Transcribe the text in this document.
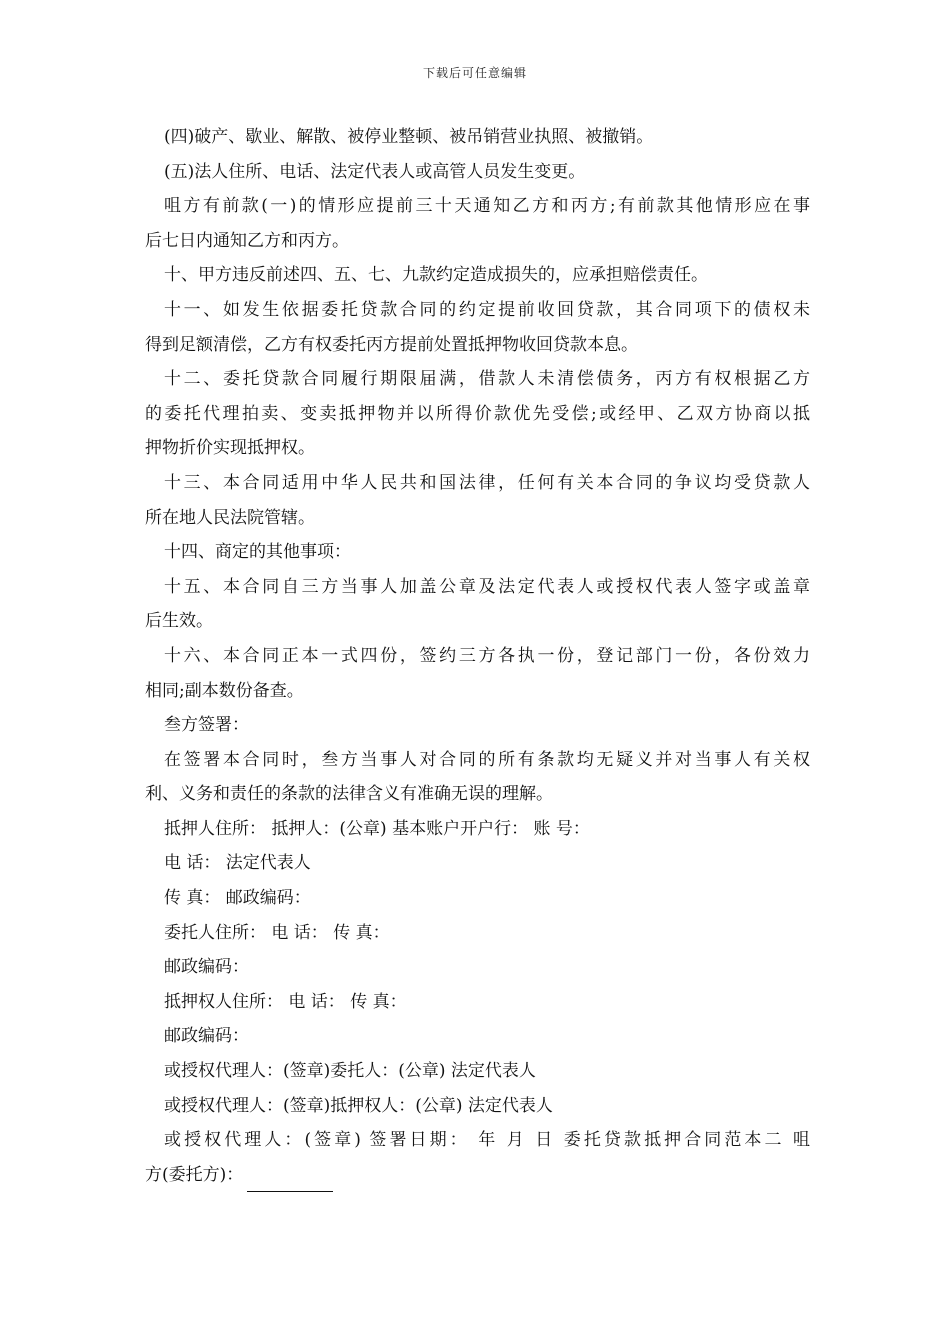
下载后可任意编辑
(四)破产、歇业、解散、被停业整顿、被吊销营业执照、被撤销。
(五)法人住所、电话、法定代表人或高管人员发生变更。
咀方有前款(一)的情形应提前三十天通知乙方和丙方;有前款其他情形应在事
后七日内通知乙方和丙方。
十、甲方违反前述四、五、七、九款约定造成损失的，应承担赔偿责任。
十一、如发生依据委托贷款合同的约定提前收回贷款，其合同项下的债权未
得到足额清偿，乙方有权委托丙方提前处置抵押物收回贷款本息。
十二、委托贷款合同履行期限届满，借款人未清偿债务，丙方有权根据乙方
的委托代理拍卖、变卖抵押物并以所得价款优先受偿;或经甲、乙双方协商以抵
押物折价实现抵押权。
十三、本合同适用中华人民共和国法律，任何有关本合同的争议均受贷款人
所在地人民法院管辖。
十四、商定的其他事项：
十五、本合同自三方当事人加盖公章及法定代表人或授权代表人签字或盖章
后生效。
十六、本合同正本一式四份，签约三方各执一份，登记部门一份，各份效力
相同;副本数份备查。
叁方签署：
在签署本合同时，叁方当事人对合同的所有条款均无疑义并对当事人有关权
利、义务和责任的条款的法律含义有准确无误的理解。
抵押人住所： 抵押人：(公章) 基本账户开户行： 账 号：
电 话： 法定代表人
传 真： 邮政编码：
委托人住所： 电 话： 传 真：
邮政编码：
抵押权人住所： 电 话： 传 真：
邮政编码：
或授权代理人：(签章)委托人：(公章) 法定代表人
或授权代理人：(签章)抵押权人：(公章) 法定代表人
或授权代理人：(签章) 签署日期： 年 月 日 委托贷款抵押合同范本二 咀
方(委托方)：
